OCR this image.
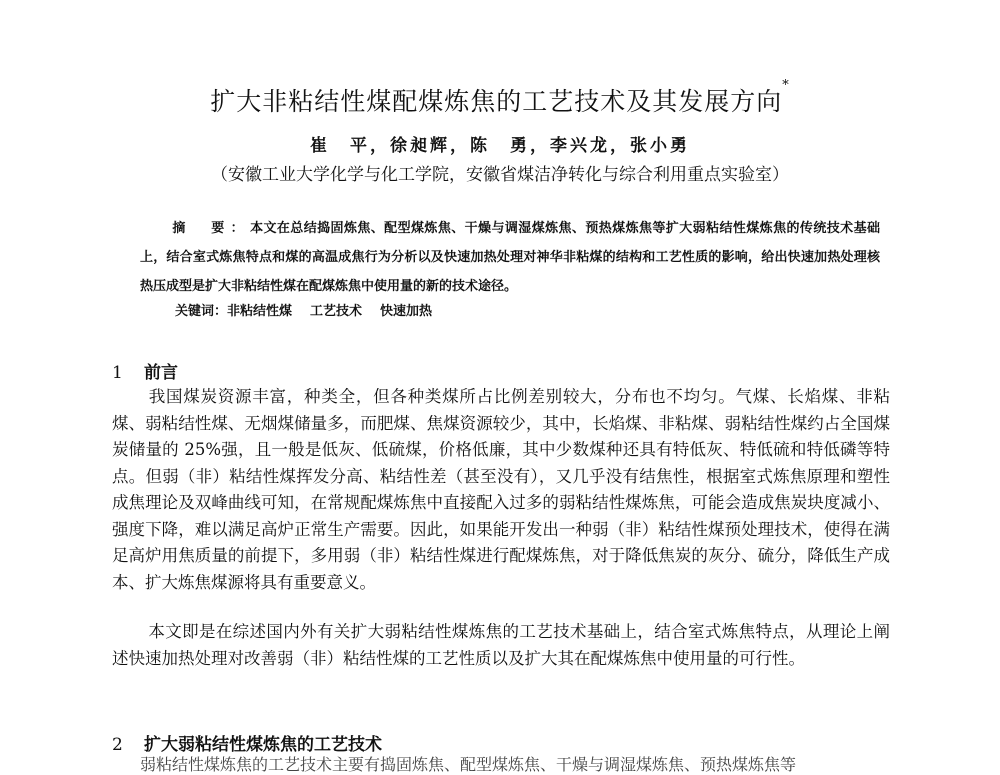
扩大非粘结性煤配煤炼焦的工艺技术及其发展方向*
崔　平，徐昶辉，陈　勇，李兴龙，张小勇
（安徽工业大学化学与化工学院，安徽省煤洁净转化与综合利用重点实验室）
摘　要：本文在总结捣固炼焦、配型煤炼焦、干燥与调湿煤炼焦、预热煤炼焦等扩大弱粘结性煤炼焦的传统技术基础上，结合室式炼焦特点和煤的高温成焦行为分析以及快速加热处理对神华非粘煤的结构和工艺性质的影响，给出快速加热处理核热压成型是扩大非粘结性煤在配煤炼焦中使用量的新的技术途径。
关键词：非粘结性煤 工艺技术 快速加热
1 前言
我国煤炭资源丰富，种类全，但各种类煤所占比例差别较大，分布也不均匀。气煤、长焰煤、非粘煤、弱粘结性煤、无烟煤储量多，而肥煤、焦煤资源较少，其中，长焰煤、非粘煤、弱粘结性煤约占全国煤炭储量的 25%强，且一般是低灰、低硫煤，价格低廉，其中少数煤种还具有特低灰、特低硫和特低磷等特点。但弱（非）粘结性煤挥发分高、粘结性差（甚至没有），又几乎没有结焦性，根据室式炼焦原理和塑性成焦理论及双峰曲线可知，在常规配煤炼焦中直接配入过多的弱粘结性煤炼焦，可能会造成焦炭块度减小、强度下降，难以满足高炉正常生产需要。因此，如果能开发出一种弱（非）粘结性煤预处理技术，使得在满足高炉用焦质量的前提下，多用弱（非）粘结性煤进行配煤炼焦，对于降低焦炭的灰分、硫分，降低生产成本、扩大炼焦煤源将具有重要意义。
本文即是在综述国内外有关扩大弱粘结性煤炼焦的工艺技术基础上，结合室式炼焦特点，从理论上阐述快速加热处理对改善弱（非）粘结性煤的工艺性质以及扩大其在配煤炼焦中使用量的可行性。
2 扩大弱粘结性煤炼焦的工艺技术
弱粘结性煤炼焦的工艺技术主要有捣固炼焦、配型煤炼焦、干燥与调湿煤炼焦、预热煤炼焦等
